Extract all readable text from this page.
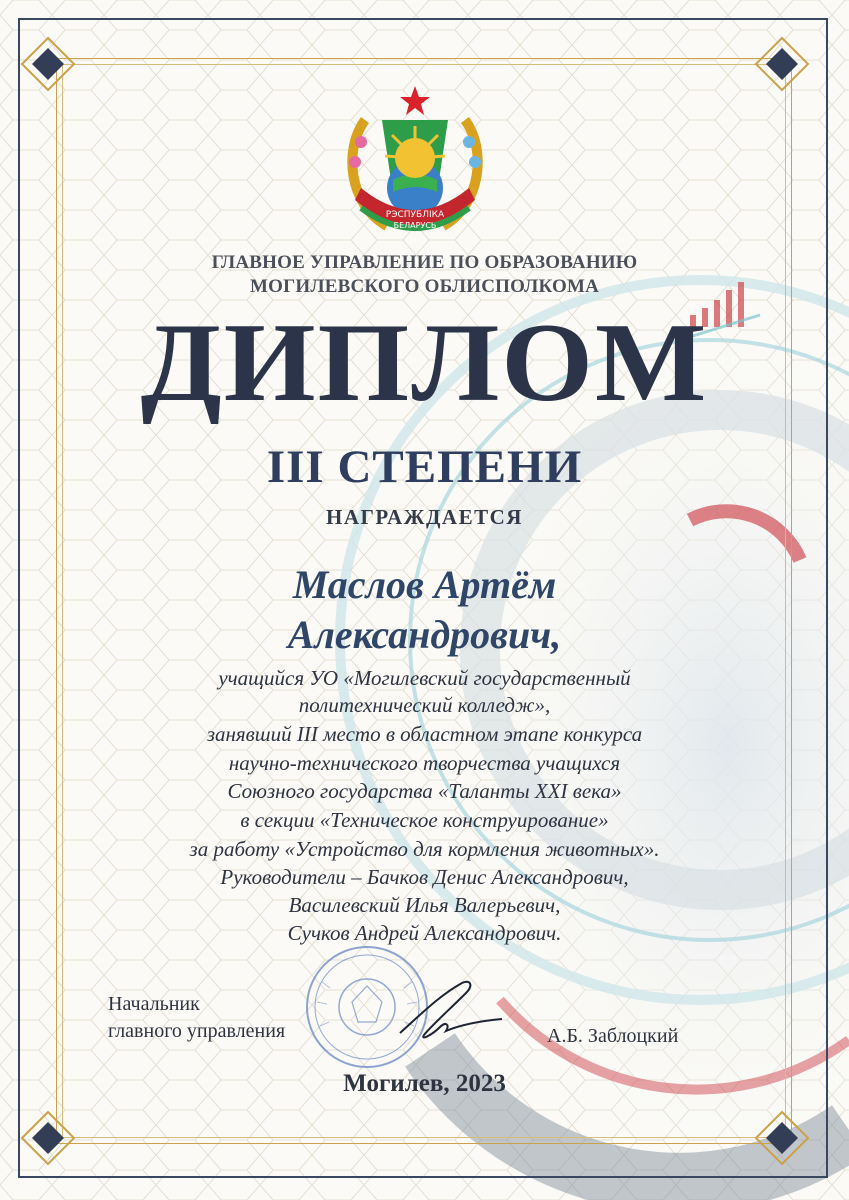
РЭСПУБЛІКА
БЕЛАРУСЬ
ГЛАВНОЕ УПРАВЛЕНИЕ ПО ОБРАЗОВАНИЮ
МОГИЛЕВСКОГО ОБЛИСПОЛКОМА
ДИПЛОМ
III СТЕПЕНИ
НАГРАЖДАЕТСЯ
Маслов Артём
Александрович,
учащийся УО «Могилевский государственный
политехнический колледж»,
занявший III место в областном этапе конкурса
научно-технического творчества учащихся
Союзного государства «Таланты XXI века»
в секции «Техническое конструирование»
за работу «Устройство для кормления животных».
Руководители – Бачков Денис Александрович,
Василевский Илья Валерьевич,
Сучков Андрей Александрович.
Начальник
главного управления	А.Б. Заблоцкий
Могилев, 2023
